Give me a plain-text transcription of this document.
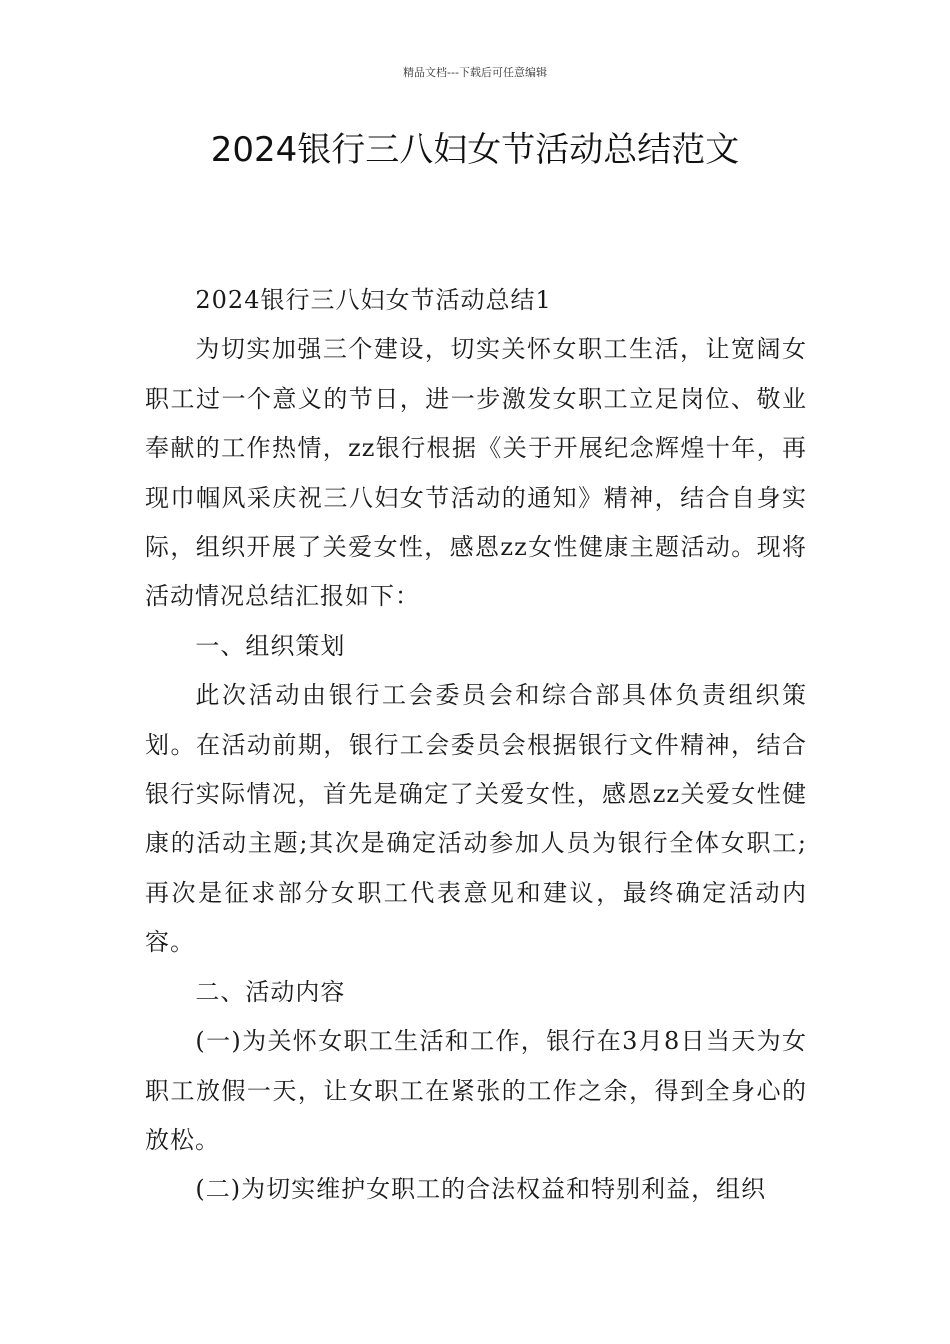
精品文档---下载后可任意编辑
2024银行三八妇女节活动总结范文

2024银行三八妇女节活动总结1

为切实加强三个建设，切实关怀女职工生活，让宽阔女职工过一个意义的节日，进一步激发女职工立足岗位、敬业奉献的工作热情，zz银行根据《关于开展纪念辉煌十年，再现巾帼风采庆祝三八妇女节活动的通知》精神，结合自身实际，组织开展了关爱女性，感恩zz女性健康主题活动。现将活动情况总结汇报如下：

一、组织策划

此次活动由银行工会委员会和综合部具体负责组织策划。在活动前期，银行工会委员会根据银行文件精神，结合银行实际情况，首先是确定了关爱女性，感恩zz关爱女性健康的活动主题;其次是确定活动参加人员为银行全体女职工;再次是征求部分女职工代表意见和建议，最终确定活动内容。

二、活动内容

(一)为关怀女职工生活和工作，银行在3月8日当天为女职工放假一天，让女职工在紧张的工作之余，得到全身心的放松。

(二)为切实维护女职工的合法权益和特别利益，组织
